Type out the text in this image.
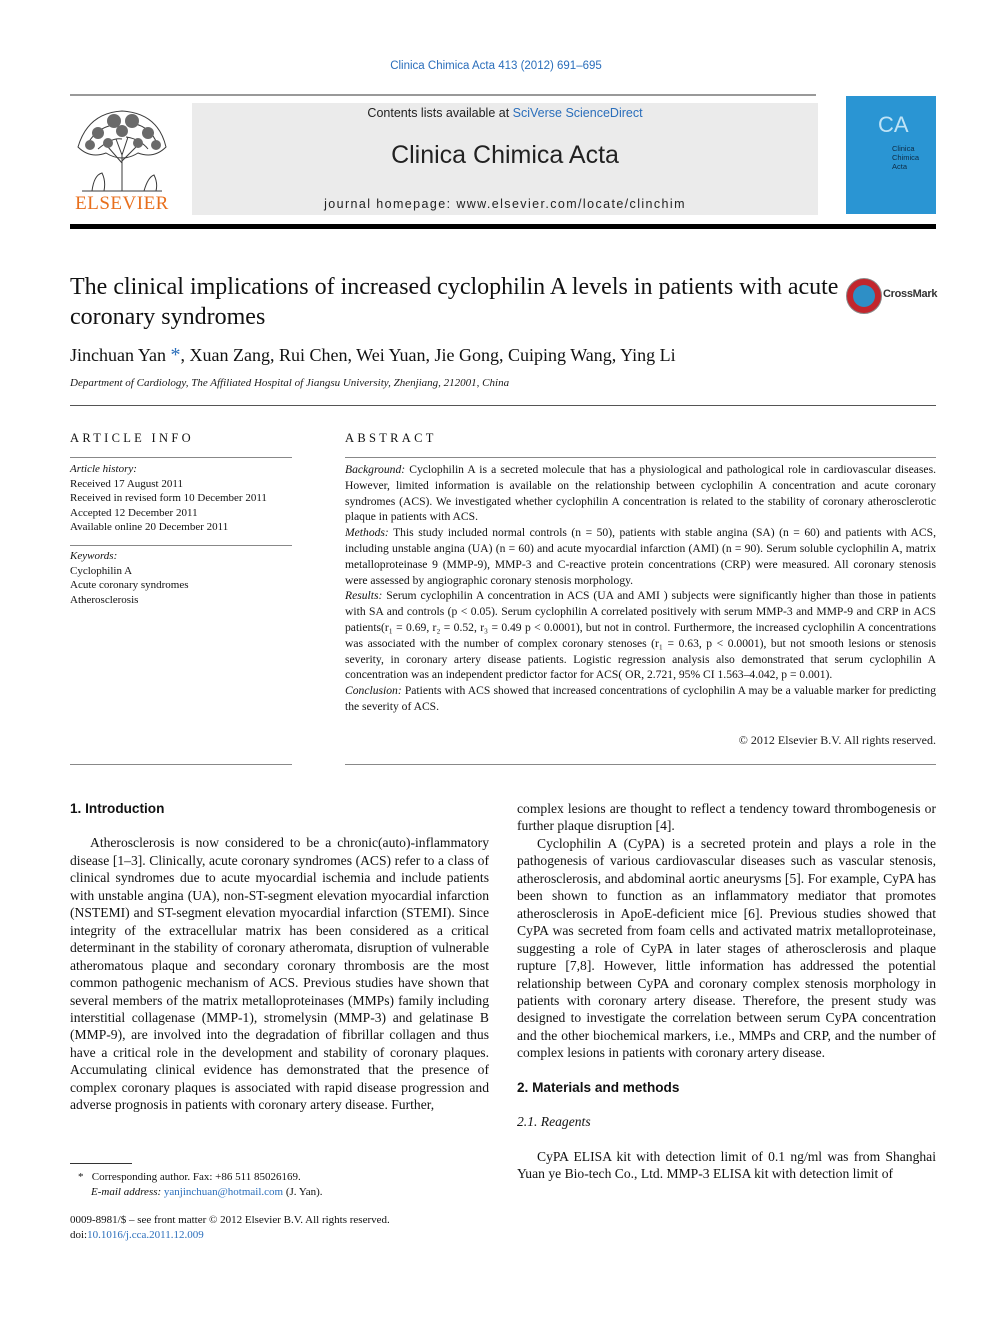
Clinica Chimica Acta 413 (2012) 691–695
ELSEVIER
Contents lists available at SciVerse ScienceDirect
Clinica Chimica Acta
journal homepage: www.elsevier.com/locate/clinchim
CA
Clinica
Chimica
Acta
The clinical implications of increased cyclophilin A levels in patients with acute coronary syndromes
CrossMark
Jinchuan Yan *, Xuan Zang, Rui Chen, Wei Yuan, Jie Gong, Cuiping Wang, Ying Li
Department of Cardiology, The Affiliated Hospital of Jiangsu University, Zhenjiang, 212001, China
ARTICLE INFO
Article history:
Received 17 August 2011
Received in revised form 10 December 2011
Accepted 12 December 2011
Available online 20 December 2011
Keywords:
Cyclophilin A
Acute coronary syndromes
Atherosclerosis
ABSTRACT

Background: Cyclophilin A is a secreted molecule that has a physiological and pathological role in cardiovascular diseases. However, limited information is available on the relationship between cyclophilin A concentration and acute coronary syndromes (ACS). We investigated whether cyclophilin A concentration is related to the stability of coronary atherosclerotic plaque in patients with ACS.

Methods: This study included normal controls (n = 50), patients with stable angina (SA) (n = 60) and patients with ACS, including unstable angina (UA) (n = 60) and acute myocardial infarction (AMI) (n = 90). Serum soluble cyclophilin A, matrix metalloproteinase 9 (MMP-9), MMP-3 and C-reactive protein concentrations (CRP) were measured. All coronary stenosis were assessed by angiographic coronary stenosis morphology.

Results: Serum cyclophilin A concentration in ACS (UA and AMI ) subjects were significantly higher than those in patients with SA and controls (p < 0.05). Serum cyclophilin A correlated positively with serum MMP-3 and MMP-9 and CRP in ACS patients(r₁ = 0.69, r₂ = 0.52, r₃ = 0.49 p < 0.0001), but not in control. Furthermore, the increased cyclophilin A concentrations was associated with the number of complex coronary stenoses (r₁ = 0.63, p < 0.0001), but not smooth lesions or stenosis severity, in coronary artery disease patients. Logistic regression analysis also demonstrated that serum cyclophilin A concentration was an independent predictor factor for ACS( OR, 2.721, 95% CI 1.563–4.042, p = 0.001).

Conclusion: Patients with ACS showed that increased concentrations of cyclophilin A may be a valuable marker for predicting the severity of ACS.

© 2012 Elsevier B.V. All rights reserved.
1. Introduction

Atherosclerosis is now considered to be a chronic(auto)-inflammatory disease [1–3]. Clinically, acute coronary syndromes (ACS) refer to a class of clinical syndromes due to acute myocardial ischemia and include patients with unstable angina (UA), non-ST-segment elevation myocardial infarction (NSTEMI) and ST-segment elevation myocardial infarction (STEMI). Since integrity of the extracellular matrix has been considered as a critical determinant in the stability of coronary atheromata, disruption of vulnerable atheromatous plaque and secondary coronary thrombosis are the most common pathogenic mechanism of ACS. Previous studies have shown that several members of the matrix metalloproteinases (MMPs) family including interstitial collagenase (MMP-1), stromelysin (MMP-3) and gelatinase B (MMP-9), are involved into the degradation of fibrillar collagen and thus have a critical role in the development and stability of coronary plaques. Accumulating clinical evidence has demonstrated that the presence of complex coronary plaques is associated with rapid disease progression and adverse prognosis in patients with coronary artery disease. Further,

complex lesions are thought to reflect a tendency toward thrombogenesis or further plaque disruption [4].

Cyclophilin A (CyPA) is a secreted protein and plays a role in the pathogenesis of various cardiovascular diseases such as vascular stenosis, atherosclerosis, and abdominal aortic aneurysms [5]. For example, CyPA has been shown to function as an inflammatory mediator that promotes atherosclerosis in ApoE-deficient mice [6]. Previous studies showed that CyPA was secreted from foam cells and activated matrix metalloproteinase, suggesting a role of CyPA in later stages of atherosclerosis and plaque rupture [7,8]. However, little information has addressed the potential relationship between CyPA and coronary complex stenosis morphology in patients with coronary artery disease. Therefore, the present study was designed to investigate the correlation between serum CyPA concentration and the other biochemical markers, i.e., MMPs and CRP, and the number of complex lesions in patients with coronary artery disease.

2. Materials and methods
2.1. Reagents

CyPA ELISA kit with detection limit of 0.1 ng/ml was from Shanghai Yuan ye Bio-tech Co., Ltd. MMP-3 ELISA kit with detection limit of

* Corresponding author. Fax: +86 511 85026169.
E-mail address: yanjinchuan@hotmail.com (J. Yan).
0009-8981/$ – see front matter © 2012 Elsevier B.V. All rights reserved.
doi:10.1016/j.cca.2011.12.009
